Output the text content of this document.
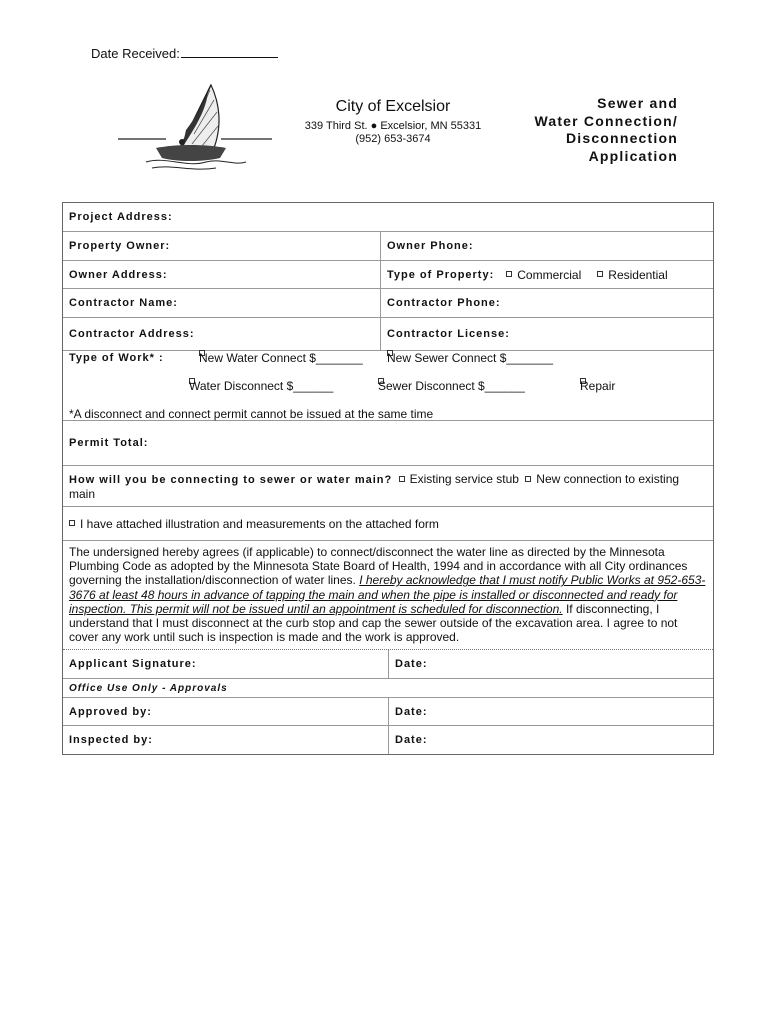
Date Received:
City of Excelsior
339 Third St. ● Excelsior, MN 55331
(952) 653-3674
Sewer and
Water Connection/
Disconnection
Application
Project Address:
Property Owner:	Owner Phone:
Owner Address:	Type of Property:	Commercial	Residential
Contractor Name:	Contractor Phone:
Contractor Address:	Contractor License:
Type of Work* :	New Water Connect $_______ New Sewer Connect $_______
Water Disconnect $______	Sewer Disconnect $______	Repair
*A disconnect and connect permit cannot be issued at the same time
Permit Total:
How will you be connecting to sewer or water main? Existing service stub New connection to existing
main
I have attached illustration and measurements on the attached form
The undersigned hereby agrees (if applicable) to connect/disconnect the water line as directed by the Minnesota Plumbing Code as adopted by the Minnesota State Board of Health, 1994 and in accordance with all City ordinances governing the installation/disconnection of water lines. I hereby acknowledge that I must notify Public Works at 952-653-3676 at least 48 hours in advance of tapping the main and when the pipe is installed or disconnected and ready for inspection. This permit will not be issued until an appointment is scheduled for disconnection. If disconnecting, I understand that I must disconnect at the curb stop and cap the sewer outside of the excavation area. I agree to not cover any work until such is inspection is made and the work is approved.
Applicant Signature:	Date:
Office Use Only - Approvals
Approved by:	Date:
Inspected by:	Date:
